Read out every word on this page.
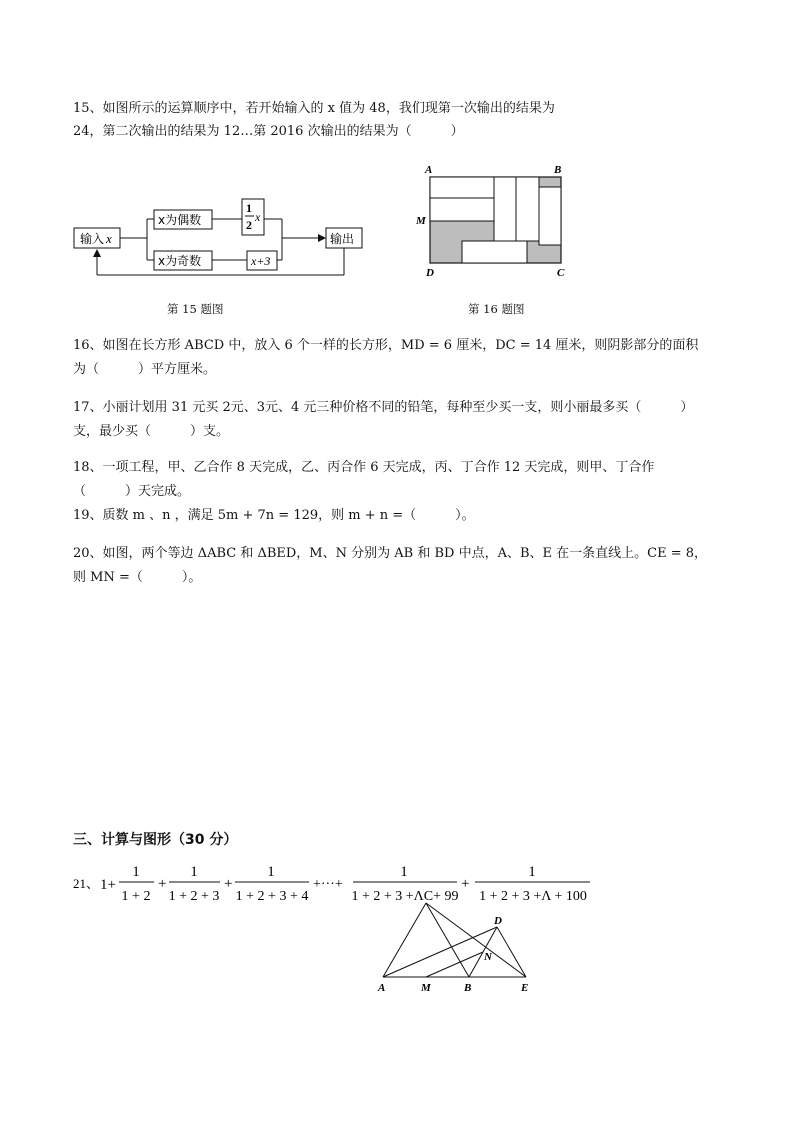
15、如图所示的运算顺序中，若开始输入的 x 值为 48，我们现第一次输出的结果为
24，第二次输出的结果为 12…第 2016 次输出的结果为（　　　）
输入 x
x为偶数
1
2
x
x为奇数	x+3
输出
第 15 题图
A	B
M
D	C
第 16 题图
16、如图在长方形 ABCD 中，放入 6 个一样的长方形，MD = 6 厘米，DC = 14 厘米，则阴影部分的面积
为（　　　）平方厘米。
17、小丽计划用 31 元买 2元、3元、4 元三种价格不同的铅笔，每种至少买一支，则小丽最多买（　　　）
支，最少买（　　　）支。
18、一项工程，甲、乙合作 8 天完成，乙、丙合作 6 天完成，丙、丁合作 12 天完成，则甲、丁合作
（　　　）天完成。
19、质数 m 、n ，满足 5m + 7n = 129，则 m + n =（　　　）。
20、如图，两个等边 ΔABC 和 ΔBED，M、N 分别为 AB 和 BD 中点，A、B、E 在一条直线上。CE = 8，
则 MN =（　　　）。
三、计算与图形（30 分）
21、 1+
1
1 + 2
+
1
1 + 2 + 3
+
1
1 + 2 + 3 + 4
+···+
1
1 + 2 + 3 +ΛC+ 99
+
1
1 + 2 + 3 +Λ + 100
A	M	B	E
D
N
